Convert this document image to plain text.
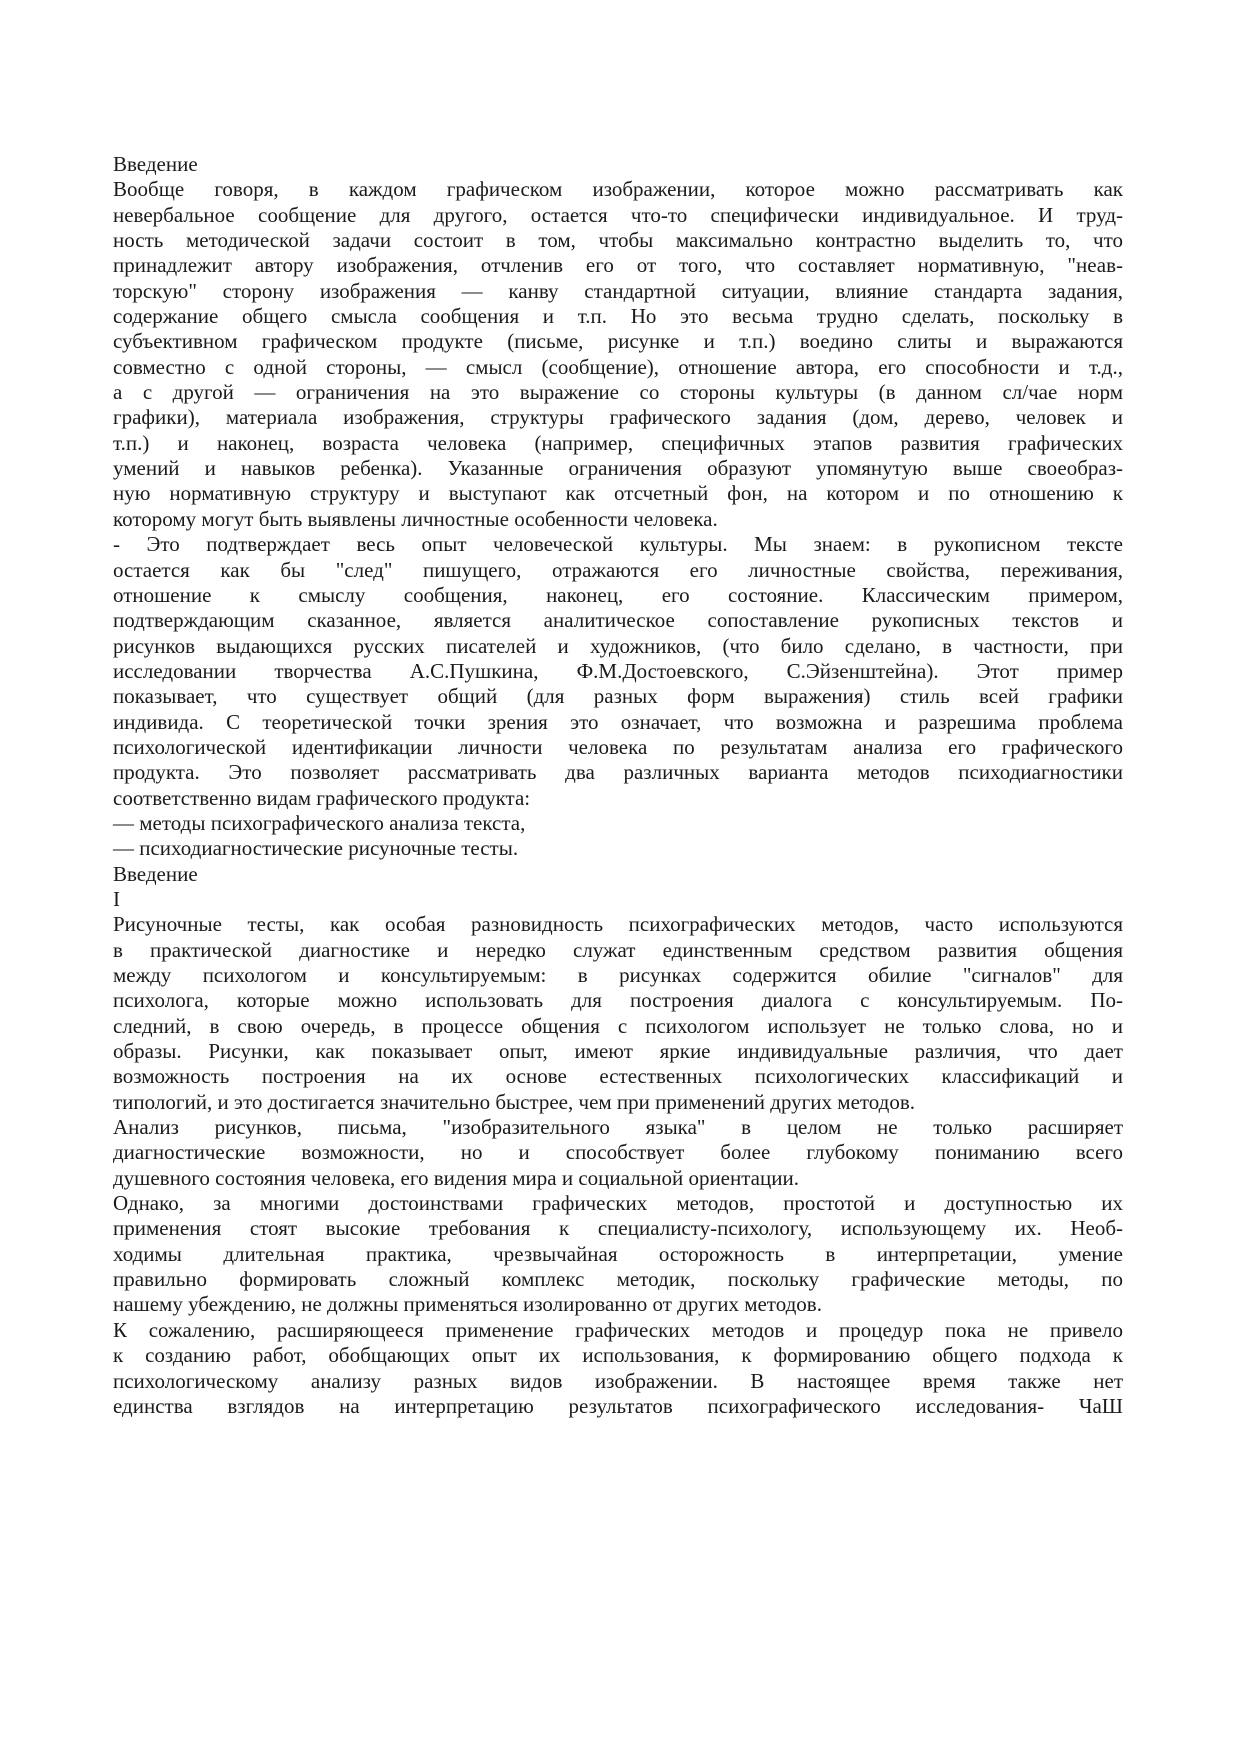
Введение
Вообще говоря, в каждом графическом изображении, которое можно рассматривать как
невербальное сообщение для другого, остается что-то специфически индивидуальное. И труд-
ность методической задачи состоит в том, чтобы максимально контрастно выделить то, что
принадлежит автору изображения, отчленив его от того, что составляет нормативную, "неав-
торскую" сторону изображения — канву стандартной ситуации, влияние стандарта задания,
содержание общего смысла сообщения и т.п. Но это весьма трудно сделать, поскольку в
субъективном графическом продукте (письме, рисунке и т.п.) воедино слиты и выражаются
совместно с одной стороны, — смысл (сообщение), отношение автора, его способности и т.д.,
а с другой — ограничения на это выражение со стороны культуры (в данном сл/чае норм
графики), материала изображения, структуры графического задания (дом, дерево, человек и
т.п.) и наконец, возраста человека (например, специфичных этапов развития графических
умений и навыков ребенка). Указанные ограничения образуют упомянутую выше своеобраз-
ную нормативную структуру и выступают как отсчетный фон, на котором и по отношению к
которому могут быть выявлены личностные особенности человека.
- Это подтверждает весь опыт человеческой культуры. Мы знаем: в рукописном тексте
остается как бы "след" пишущего, отражаются его личностные свойства, переживания,
отношение к смыслу сообщения, наконец, его состояние. Классическим примером,
подтверждающим сказанное, является аналитическое сопоставление рукописных текстов и
рисунков выдающихся русских писателей и художников, (что било сделано, в частности, при
исследовании творчества А.С.Пушкина, Ф.М.Достоевского, С.Эйзенштейна). Этот пример
показывает, что существует общий (для разных форм выражения) стиль всей графики
индивида. С теоретической точки зрения это означает, что возможна и разрешима проблема
психологической идентификации личности человека по результатам анализа его графического
продукта. Это позволяет рассматривать два различных варианта методов психодиагностики
соответственно видам графического продукта:
— методы психографического анализа текста,
— психодиагностические рисуночные тесты.
Введение
I
Рисуночные тесты, как особая разновидность психографических методов, часто используются
в практической диагностике и нередко служат единственным средством развития общения
между психологом и консультируемым: в рисунках содержится обилие "сигналов" для
психолога, которые можно использовать для построения диалога с консультируемым. По-
следний, в свою очередь, в процессе общения с психологом использует не только слова, но и
образы. Рисунки, как показывает опыт, имеют яркие индивидуальные различия, что дает
возможность построения на их основе естественных психологических классификаций и
типологий, и это достигается значительно быстрее, чем при применений других методов.
Анализ рисунков, письма, "изобразительного языка" в целом не только расширяет
диагностические возможности, но и способствует более глубокому пониманию всего
душевного состояния человека, его видения мира и социальной ориентации.
Однако, за многими достоинствами графических методов, простотой и доступностью их
применения стоят высокие требования к специалисту-психологу, использующему их. Необ-
ходимы длительная практика, чрезвычайная осторожность в интерпретации, умение
правильно формировать сложный комплекс методик, поскольку графические методы, по
нашему убеждению, не должны применяться изолированно от других методов.
К сожалению, расширяющееся применение графических методов и процедур пока не привело
к созданию работ, обобщающих опыт их использования, к формированию общего подхода к
психологическому анализу разных видов изображении. В настоящее время также нет
единства взглядов на интерпретацию результатов психографического исследования- ЧаШ
